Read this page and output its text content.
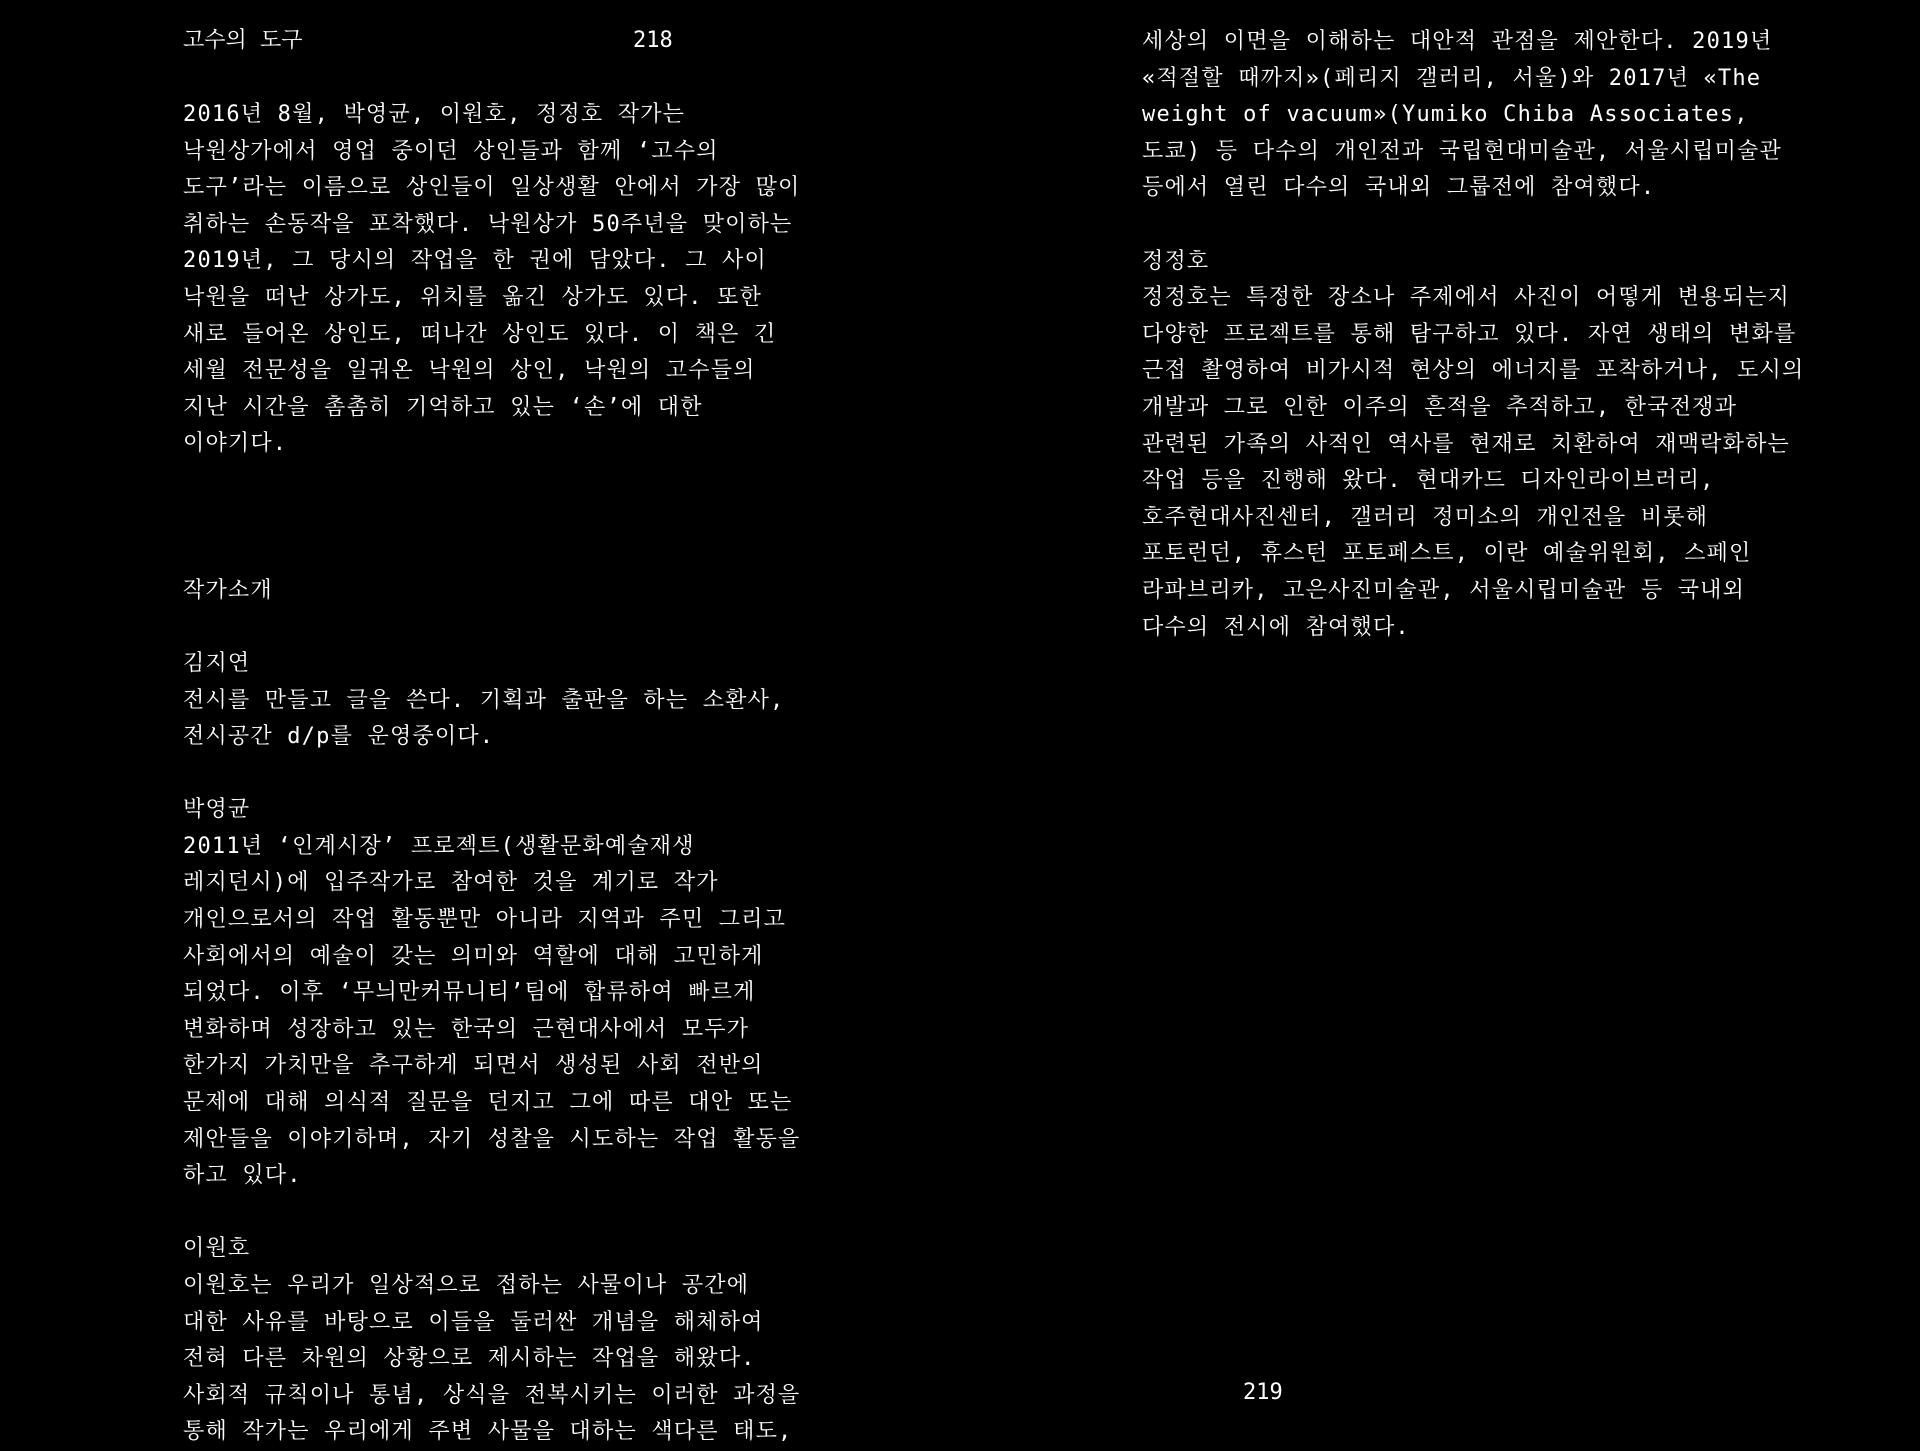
고수의 도구	218
2016년 8월, 박영균, 이원호, 정정호 작가는
낙원상가에서 영업 중이던 상인들과 함께 ‘고수의
도구’라는 이름으로 상인들이 일상생활 안에서 가장 많이
취하는 손동작을 포착했다. 낙원상가 50주년을 맞이하는
2019년, 그 당시의 작업을 한 권에 담았다. 그 사이
낙원을 떠난 상가도, 위치를 옮긴 상가도 있다. 또한
새로 들어온 상인도, 떠나간 상인도 있다. 이 책은 긴
세월 전문성을 일궈온 낙원의 상인, 낙원의 고수들의
지난 시간을 촘촘히 기억하고 있는 ‘손’에 대한
이야기다.
작가소개
김지연
전시를 만들고 글을 쓴다. 기획과 출판을 하는 소환사,
전시공간 d/p를 운영중이다.
박영균
2011년 ‘인계시장’ 프로젝트(생활문화예술재생
레지던시)에 입주작가로 참여한 것을 계기로 작가
개인으로서의 작업 활동뿐만 아니라 지역과 주민 그리고
사회에서의 예술이 갖는 의미와 역할에 대해 고민하게
되었다. 이후 ‘무늬만커뮤니티’팀에 합류하여 빠르게
변화하며 성장하고 있는 한국의 근현대사에서 모두가
한가지 가치만을 추구하게 되면서 생성된 사회 전반의
문제에 대해 의식적 질문을 던지고 그에 따른 대안 또는
제안들을 이야기하며, 자기 성찰을 시도하는 작업 활동을
하고 있다.
이원호
이원호는 우리가 일상적으로 접하는 사물이나 공간에
대한 사유를 바탕으로 이들을 둘러싼 개념을 해체하여
전혀 다른 차원의 상황으로 제시하는 작업을 해왔다.
사회적 규칙이나 통념, 상식을 전복시키는 이러한 과정을
통해 작가는 우리에게 주변 사물을 대하는 색다른 태도,
세상의 이면을 이해하는 대안적 관점을 제안한다. 2019년
«적절할 때까지»(페리지 갤러리, 서울)와 2017년 «The
weight of vacuum»(Yumiko Chiba Associates,
도쿄) 등 다수의 개인전과 국립현대미술관, 서울시립미술관
등에서 열린 다수의 국내외 그룹전에 참여했다.
정정호
정정호는 특정한 장소나 주제에서 사진이 어떻게 변용되는지
다양한 프로젝트를 통해 탐구하고 있다. 자연 생태의 변화를
근접 촬영하여 비가시적 현상의 에너지를 포착하거나, 도시의
개발과 그로 인한 이주의 흔적을 추적하고, 한국전쟁과
관련된 가족의 사적인 역사를 현재로 치환하여 재맥락화하는
작업 등을 진행해 왔다. 현대카드 디자인라이브러리,
호주현대사진센터, 갤러리 정미소의 개인전을 비롯해
포토런던, 휴스턴 포토페스트, 이란 예술위원회, 스페인
라파브리카, 고은사진미술관, 서울시립미술관 등 국내외
다수의 전시에 참여했다.
219
